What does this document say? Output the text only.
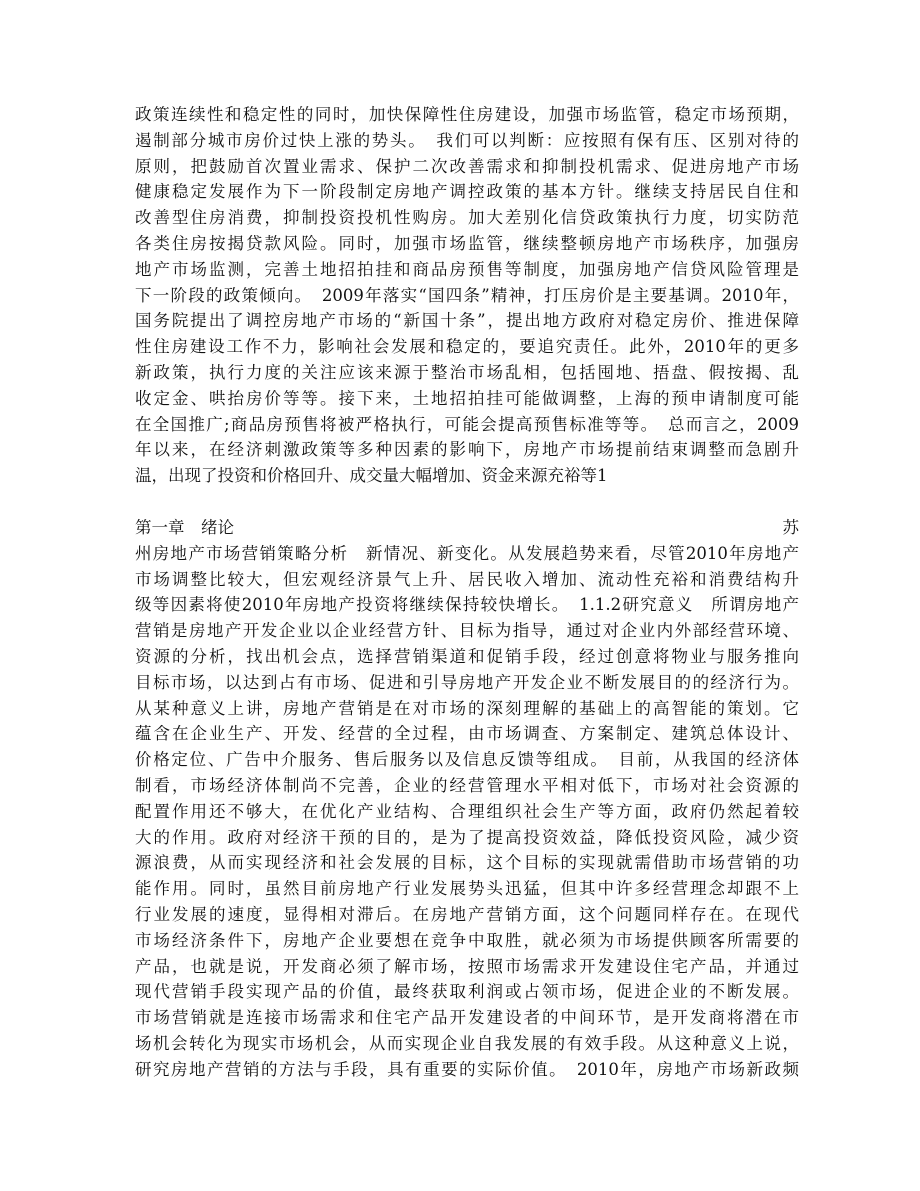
政策连续性和稳定性的同时，加快保障性住房建设，加强市场监管，稳定市场预期，
遏制部分城市房价过快上涨的势头。　我们可以判断：应按照有保有压、区别对待的
原则，把鼓励首次置业需求、保护二次改善需求和抑制投机需求、促进房地产市场
健康稳定发展作为下一阶段制定房地产调控政策的基本方针。继续支持居民自住和
改善型住房消费，抑制投资投机性购房。加大差别化信贷政策执行力度，切实防范
各类住房按揭贷款风险。同时，加强市场监管，继续整顿房地产市场秩序，加强房
地产市场监测，完善土地招拍挂和商品房预售等制度，加强房地产信贷风险管理是
下一阶段的政策倾向。　2009年落实“国四条”精神，打压房价是主要基调。2010年，
国务院提出了调控房地产市场的“新国十条”，提出地方政府对稳定房价、推进保障
性住房建设工作不力，影响社会发展和稳定的，要追究责任。此外，2010年的更多
新政策，执行力度的关注应该来源于整治市场乱相，包括囤地、捂盘、假按揭、乱
收定金、哄抬房价等等。接下来，土地招拍挂可能做调整，上海的预申请制度可能
在全国推广;商品房预售将被严格执行，可能会提高预售标准等等。　总而言之，2009
年以来，在经济刺激政策等多种因素的影响下，房地产市场提前结束调整而急剧升
温，出现了投资和价格回升、成交量大幅增加、资金来源充裕等1
第一章　绪论	苏
州房地产市场营销策略分析　新情况、新变化。从发展趋势来看，尽管2010年房地产
市场调整比较大，但宏观经济景气上升、居民收入增加、流动性充裕和消费结构升
级等因素将使2010年房地产投资将继续保持较快增长。　1.1.2研究意义　所谓房地产
营销是房地产开发企业以企业经营方针、目标为指导，通过对企业内外部经营环境、
资源的分析，找出机会点，选择营销渠道和促销手段，经过创意将物业与服务推向
目标市场，以达到占有市场、促进和引导房地产开发企业不断发展目的的经济行为。
从某种意义上讲，房地产营销是在对市场的深刻理解的基础上的高智能的策划。它
蕴含在企业生产、开发、经营的全过程，由市场调查、方案制定、建筑总体设计、
价格定位、广告中介服务、售后服务以及信息反馈等组成。　目前，从我国的经济体
制看，市场经济体制尚不完善，企业的经营管理水平相对低下，市场对社会资源的
配置作用还不够大，在优化产业结构、合理组织社会生产等方面，政府仍然起着较
大的作用。政府对经济干预的目的，是为了提高投资效益，降低投资风险，减少资
源浪费，从而实现经济和社会发展的目标，这个目标的实现就需借助市场营销的功
能作用。同时，虽然目前房地产行业发展势头迅猛，但其中许多经营理念却跟不上
行业发展的速度，显得相对滞后。在房地产营销方面，这个问题同样存在。在现代
市场经济条件下，房地产企业要想在竞争中取胜，就必须为市场提供顾客所需要的
产品，也就是说，开发商必须了解市场，按照市场需求开发建设住宅产品，并通过
现代营销手段实现产品的价值，最终获取利润或占领市场，促进企业的不断发展。
市场营销就是连接市场需求和住宅产品开发建设者的中间环节，是开发商将潜在市
场机会转化为现实市场机会，从而实现企业自我发展的有效手段。从这种意义上说，
研究房地产营销的方法与手段，具有重要的实际价值。　2010年，房地产市场新政频
